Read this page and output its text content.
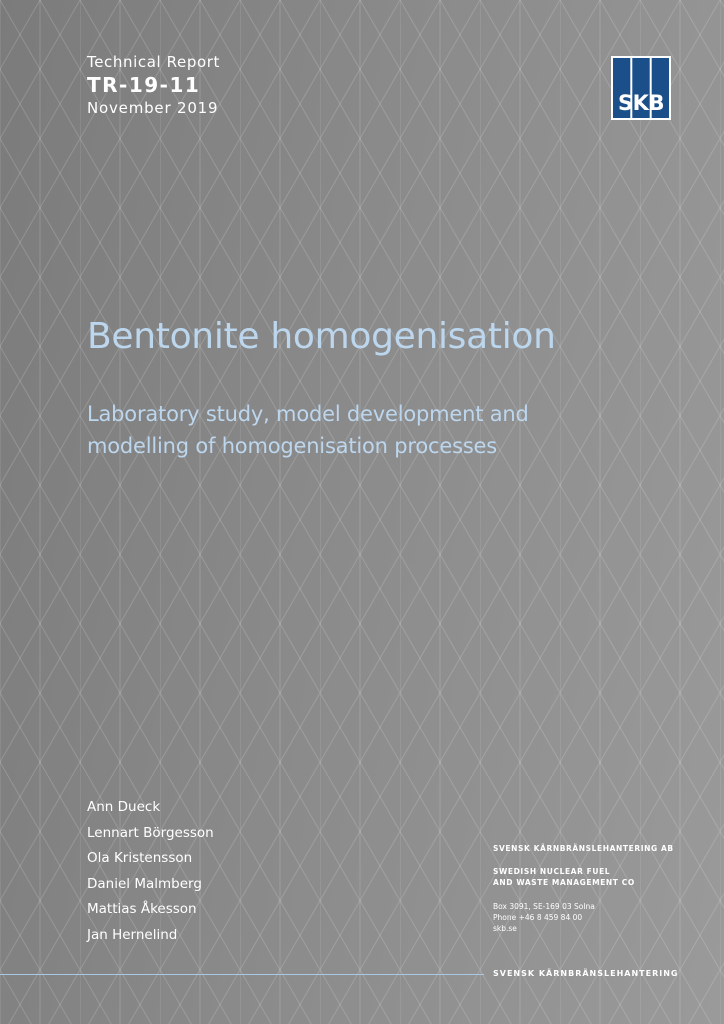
Technical Report
TR-19-11
November 2019	SKB
Bentonite homogenisation
Laboratory study, model development and
modelling of homogenisation processes
Ann Dueck
Lennart Börgesson
Ola Kristensson
Daniel Malmberg
Mattias Åkesson
Jan Hernelind
SVENSK KÄRNBRÄNSLEHANTERING AB
SWEDISH NUCLEAR FUEL
AND WASTE MANAGEMENT CO
Box 3091, SE-169 03 Solna
Phone +46 8 459 84 00
skb.se
SVENSK KÄRNBRÄNSLEHANTERING
